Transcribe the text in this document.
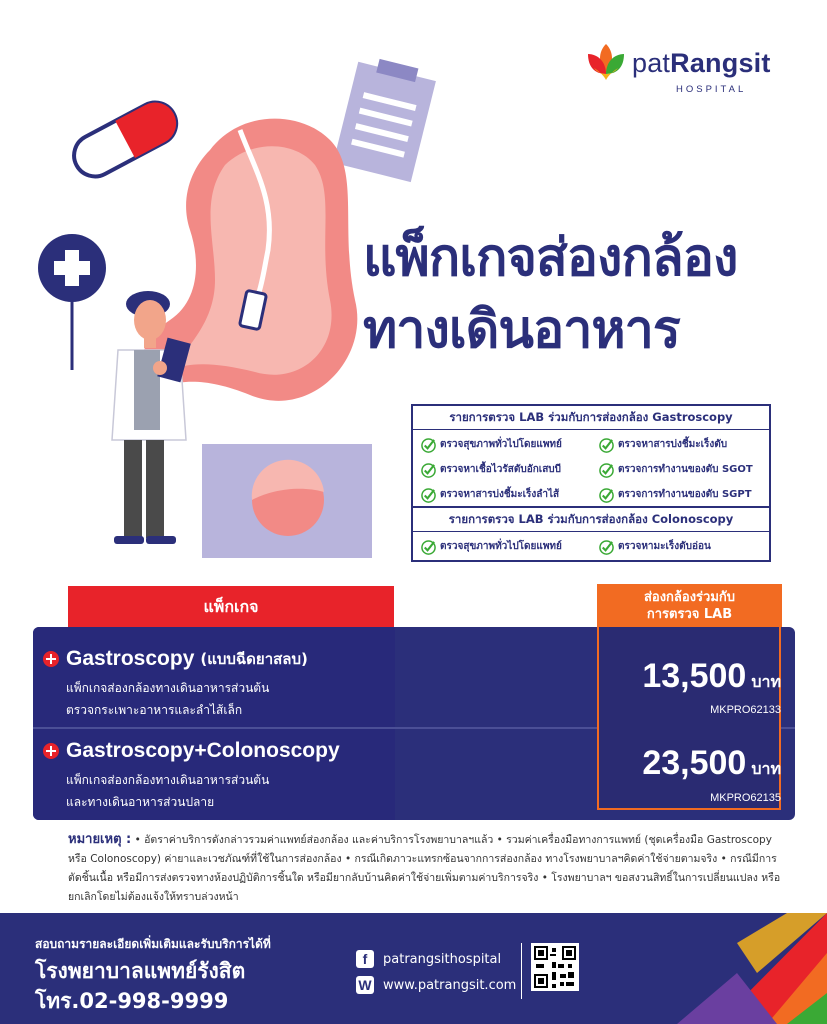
patRangsit
HOSPITAL
แพ็กเกจส่องกล้อง
ทางเดินอาหาร
รายการตรวจ LAB ร่วมกับการส่องกล้อง Gastroscopy
ตรวจสุขภาพทั่วไปโดยแพทย์	ตรวจหาสารบ่งชี้มะเร็งตับ
ตรวจหาเชื้อไวรัสตับอักเสบบี	ตรวจการทำงานของตับ SGOT
ตรวจหาสารบ่งชี้มะเร็งลำไส้	ตรวจการทำงานของตับ SGPT
รายการตรวจ LAB ร่วมกับการส่องกล้อง Colonoscopy
ตรวจสุขภาพทั่วไปโดยแพทย์	ตรวจหามะเร็งตับอ่อน
แพ็กเกจ	ส่องกล้องร่วมกับ
การตรวจ LAB
Gastroscopy (แบบฉีดยาสลบ)
แพ็กเกจส่องกล้องทางเดินอาหารส่วนต้น
ตรวจกระเพาะอาหารและลำไส้เล็ก
13,500 บาท
MKPRO62133
Gastroscopy+Colonoscopy
แพ็กเกจส่องกล้องทางเดินอาหารส่วนต้น
และทางเดินอาหารส่วนปลาย
23,500 บาท
MKPRO62135
หมายเหตุ : • อัตราค่าบริการดังกล่าวรวมค่าแพทย์ส่องกล้อง และค่าบริการโรงพยาบาลฯแล้ว • รวมค่าเครื่องมือทางการแพทย์ (ชุดเครื่องมือ Gastroscopy หรือ Colonoscopy) ค่ายาและเวชภัณฑ์ที่ใช้ในการส่องกล้อง • กรณีเกิดภาวะแทรกซ้อนจากการส่องกล้อง ทางโรงพยาบาลฯคิดค่าใช้จ่ายตามจริง • กรณีมีการตัดชิ้นเนื้อ หรือมีการส่งตรวจทางห้องปฏิบัติการชิ้นใด หรือมียากลับบ้านคิดค่าใช้จ่ายเพิ่มตามค่าบริการจริง • โรงพยาบาลฯ ขอสงวนสิทธิ์ในการเปลี่ยนแปลง หรือยกเลิกโดยไม่ต้องแจ้งให้ทราบล่วงหน้า
สอบถามรายละเอียดเพิ่มเติมและรับบริการได้ที่
โรงพยาบาลแพทย์รังสิต
โทร.02-998-9999
f	patrangsithospital
W www.patrangsit.com
